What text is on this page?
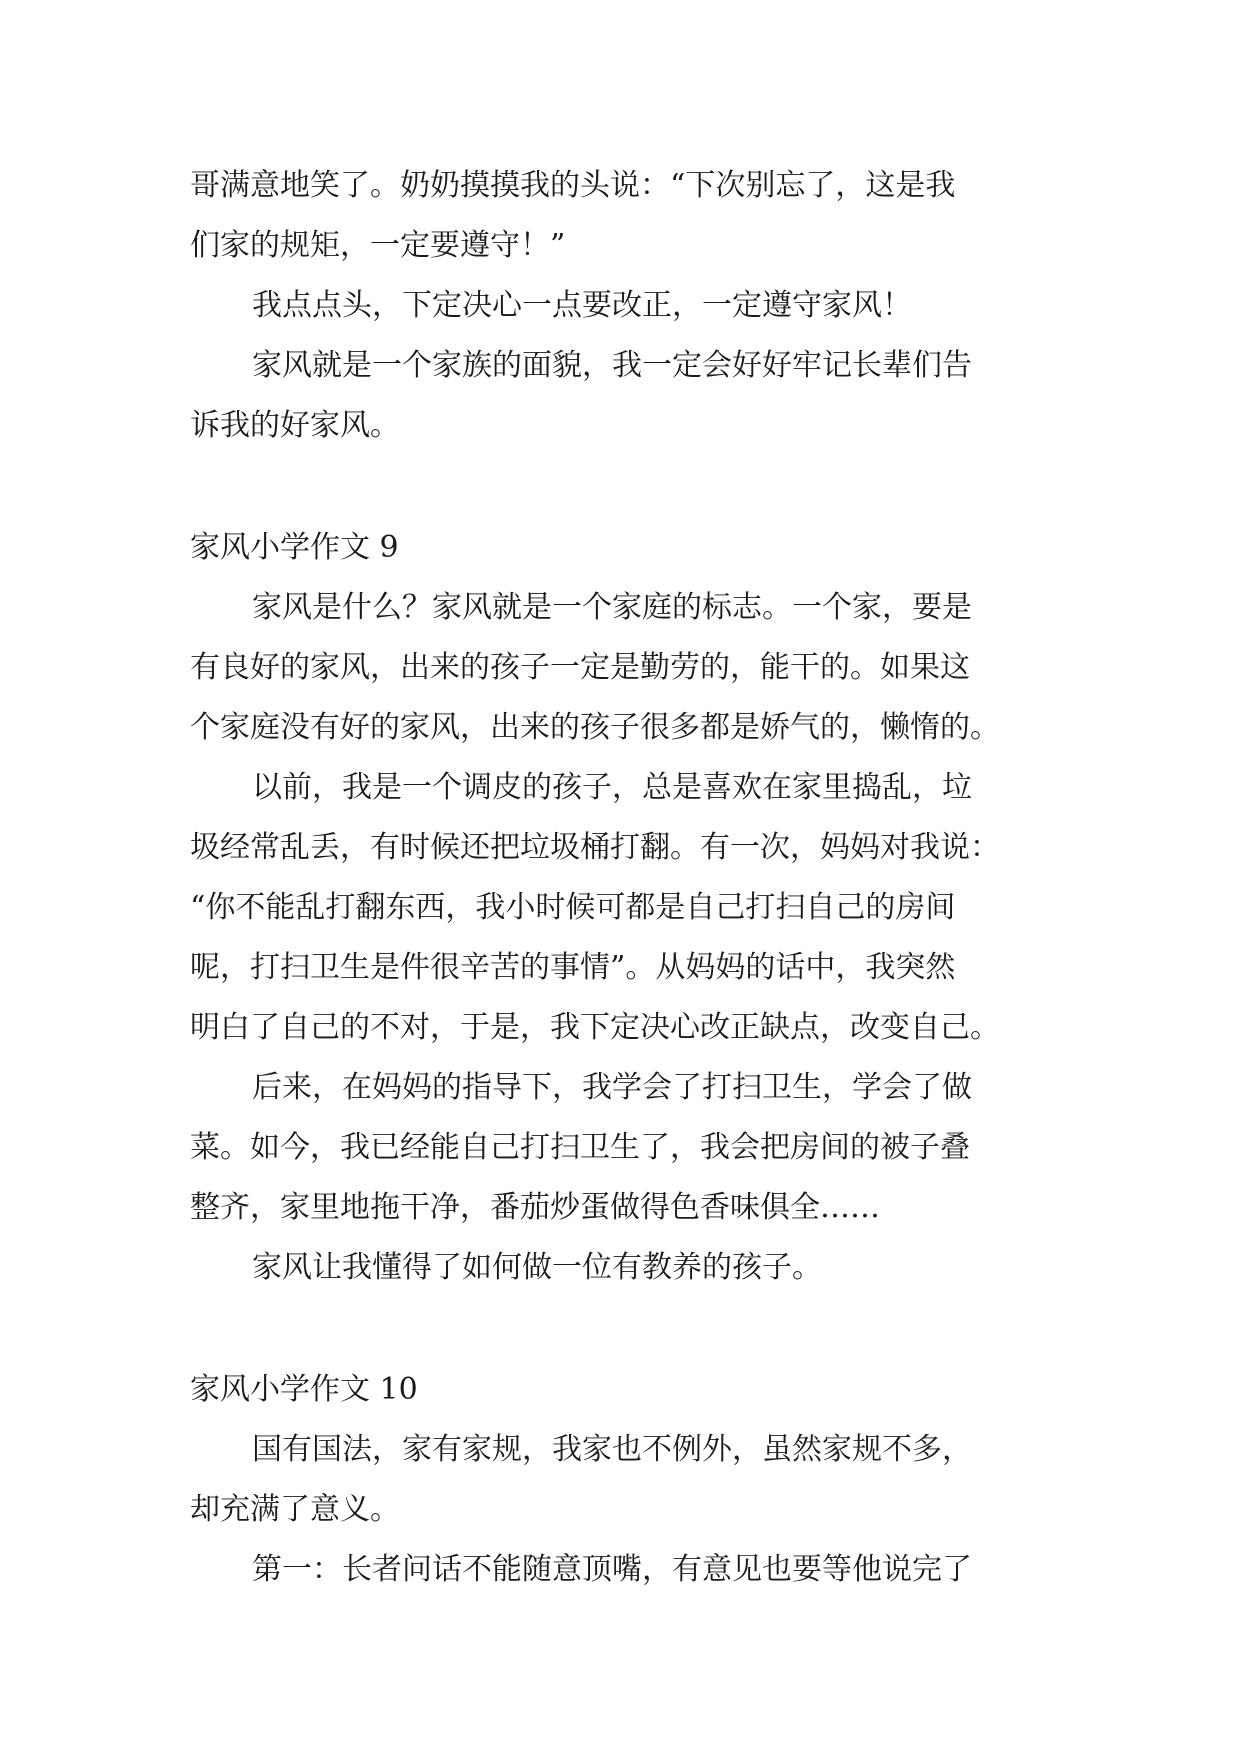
哥满意地笑了。奶奶摸摸我的头说：“下次别忘了，这是我
们家的规矩，一定要遵守！”
我点点头，下定决心一点要改正，一定遵守家风！
家风就是一个家族的面貌，我一定会好好牢记长辈们告
诉我的好家风。
家风小学作文 9
家风是什么？家风就是一个家庭的标志。一个家，要是
有良好的家风，出来的孩子一定是勤劳的，能干的。如果这
个家庭没有好的家风，出来的孩子很多都是娇气的，懒惰的。
以前，我是一个调皮的孩子，总是喜欢在家里捣乱，垃
圾经常乱丢，有时候还把垃圾桶打翻。有一次，妈妈对我说：
“你不能乱打翻东西，我小时候可都是自己打扫自己的房间
呢，打扫卫生是件很辛苦的事情”。从妈妈的话中，我突然
明白了自己的不对，于是，我下定决心改正缺点，改变自己。
后来，在妈妈的指导下，我学会了打扫卫生，学会了做
菜。如今，我已经能自己打扫卫生了，我会把房间的被子叠
整齐，家里地拖干净，番茄炒蛋做得色香味俱全……
家风让我懂得了如何做一位有教养的孩子。
家风小学作文 10
国有国法，家有家规，我家也不例外，虽然家规不多，
却充满了意义。
第一：长者问话不能随意顶嘴，有意见也要等他说完了
